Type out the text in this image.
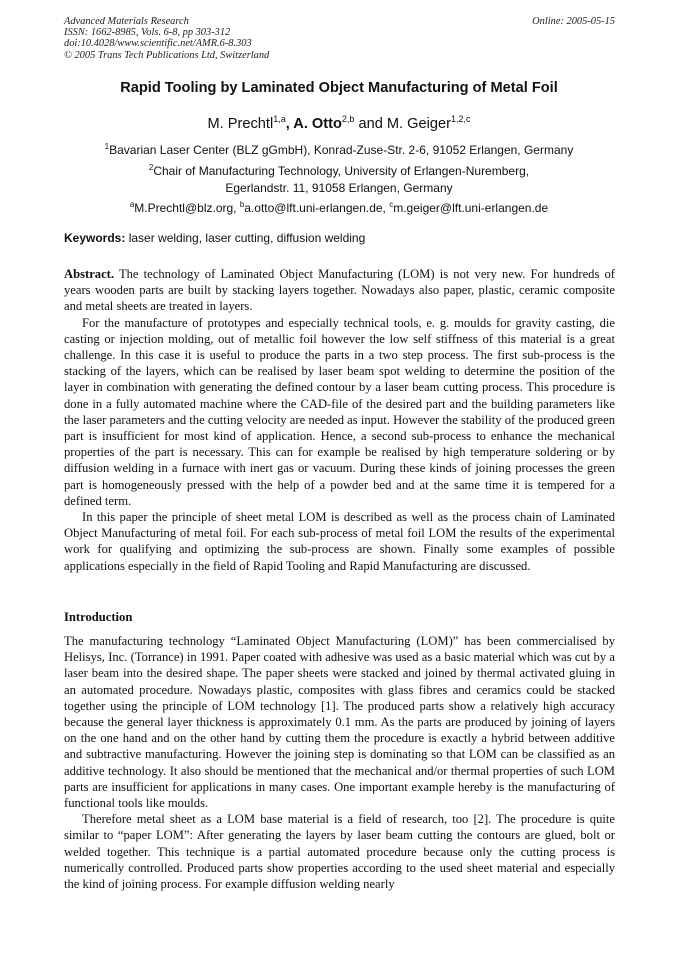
Advanced Materials Research
ISSN: 1662-8985, Vols. 6-8, pp 303-312
doi:10.4028/www.scientific.net/AMR.6-8.303
© 2005 Trans Tech Publications Ltd, Switzerland
Online: 2005-05-15
Rapid Tooling by Laminated Object Manufacturing of Metal Foil
M. Prechtl$^{1,a}$, A. Otto$^{2,b}$ and M. Geiger$^{1,2,c}$
$^1$Bavarian Laser Center (BLZ gGmbH), Konrad-Zuse-Str. 2-6, 91052 Erlangen, Germany
$^2$Chair of Manufacturing Technology, University of Erlangen-Nuremberg,
Egerlandstr. 11, 91058 Erlangen, Germany
$^a$M.Prechtl@blz.org, $^b$a.otto@lft.uni-erlangen.de, $^c$m.geiger@lft.uni-erlangen.de
Keywords: laser welding, laser cutting, diffusion welding

Abstract. The technology of Laminated Object Manufacturing (LOM) is not very new. For hundreds of years wooden parts are built by stacking layers together. Nowadays also paper, plastic, ceramic composite and metal sheets are treated in layers.

For the manufacture of prototypes and especially technical tools, e. g. moulds for gravity casting, die casting or injection molding, out of metallic foil however the low self stiffness of this material is a great challenge. In this case it is useful to produce the parts in a two step process. The first sub-process is the stacking of the layers, which can be realised by laser beam spot welding to determine the position of the layer in combination with generating the defined contour by a laser beam cutting process. This procedure is done in a fully automated machine where the CAD-file of the desired part and the building parameters like the laser parameters and the cutting velocity are needed as input. However the stability of the produced green part is insufficient for most kind of application. Hence, a second sub-process to enhance the mechanical properties of the part is necessary. This can for example be realised by high temperature soldering or by diffusion welding in a furnace with inert gas or vacuum. During these kinds of joining processes the green part is homogeneously pressed with the help of a powder bed and at the same time it is tempered for a defined term.

In this paper the principle of sheet metal LOM is described as well as the process chain of Laminated Object Manufacturing of metal foil. For each sub-process of metal foil LOM the results of the experimental work for qualifying and optimizing the sub-process are shown. Finally some examples of possible applications especially in the field of Rapid Tooling and Rapid Manufacturing are discussed.

Introduction

The manufacturing technology “Laminated Object Manufacturing (LOM)” has been commercialised by Helisys, Inc. (Torrance) in 1991. Paper coated with adhesive was used as a basic material which was cut by a laser beam into the desired shape. The paper sheets were stacked and joined by thermal activated gluing in an automated procedure. Nowadays plastic, composites with glass fibres and ceramics could be stacked together using the principle of LOM technology [1]. The produced parts show a relatively high accuracy because the general layer thickness is approximately 0.1 mm. As the parts are produced by joining of layers on the one hand and on the other hand by cutting them the procedure is exactly a hybrid between additive and subtractive manufacturing. However the joining step is dominating so that LOM can be classified as an additive technology. It also should be mentioned that the mechanical and/or thermal properties of such LOM parts are insufficient for applications in many cases. One important example hereby is the manufacturing of functional tools like moulds.

Therefore metal sheet as a LOM base material is a field of research, too [2]. The procedure is quite similar to “paper LOM”: After generating the layers by laser beam cutting the contours are glued, bolt or welded together. This technique is a partial automated procedure because only the cutting process is numerically controlled. Produced parts show properties according to the used sheet material and especially the kind of joining process. For example diffusion welding nearly
